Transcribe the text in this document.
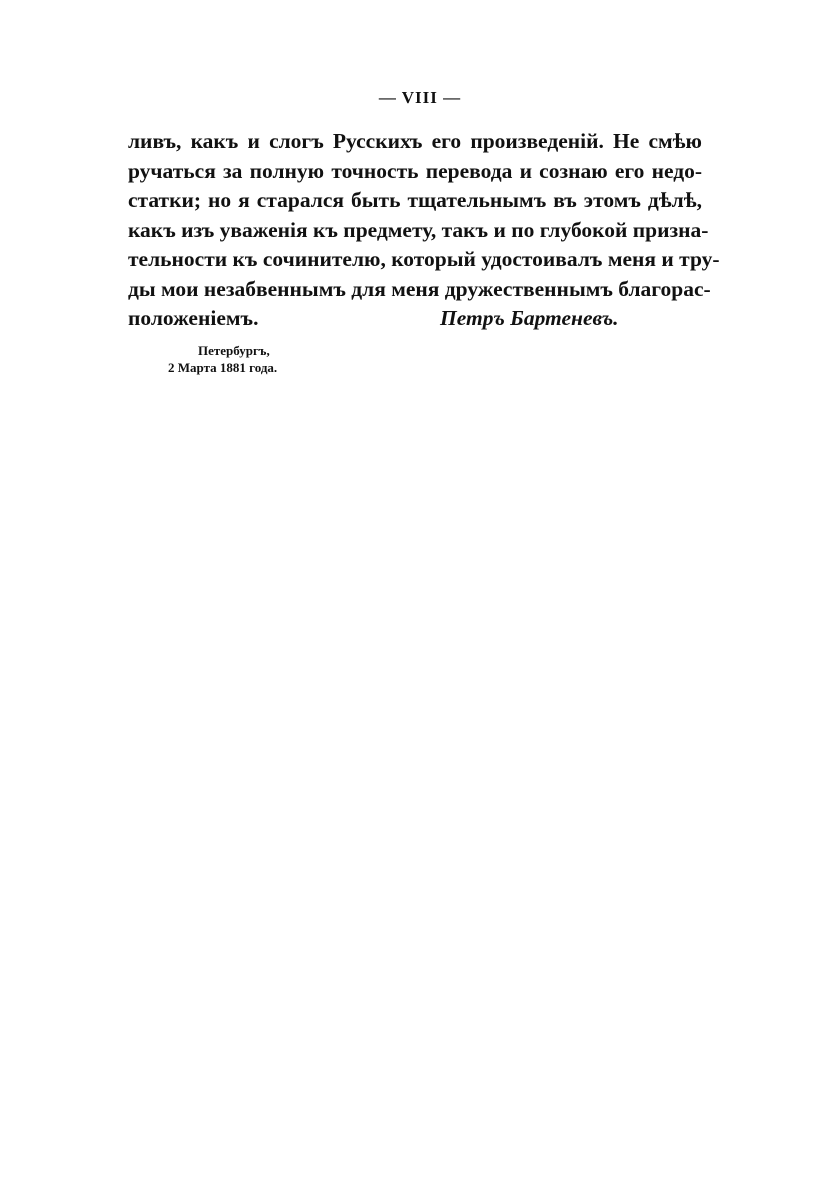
— VIII —
ливъ, какъ и слогъ Русскихъ его произведеній. Не смѣю
ручаться за полную точность перевода и сознаю его недо-
статки; но я старался быть тщательнымъ въ этомъ дѣлѣ,
какъ изъ уваженія къ предмету, такъ и по глубокой призна-
тельности къ сочинителю, который удостоивалъ меня и тру-
ды мои незабвеннымъ для меня дружественнымъ благорас-
положеніемъ.	Петръ Бартеневъ.
Петербургъ,
2 Марта 1881 года.
